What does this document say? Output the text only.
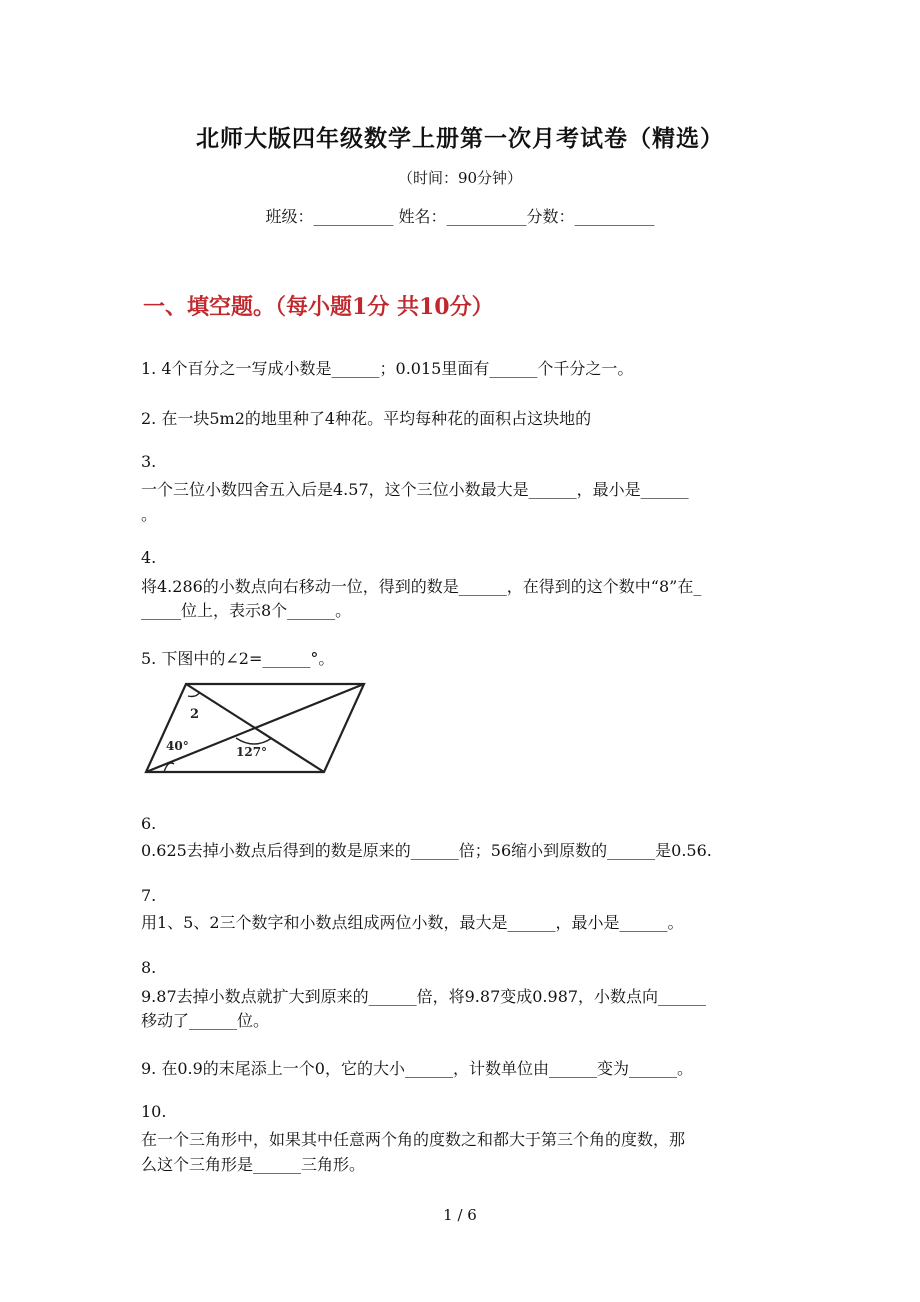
北师大版四年级数学上册第一次月考试卷（精选）
（时间：90分钟）
班级：__________ 姓名：__________分数：__________
一、填空题。（每小题1分 共10分）
1. 4个百分之一写成小数是______；0.015里面有______个千分之一。
2. 在一块5m2的地里种了4种花。平均每种花的面积占这块地的
3.
一个三位小数四舍五入后是4.57，这个三位小数最大是______，最小是______
。
4.
将4.286的小数点向右移动一位，得到的数是______，在得到的这个数中“8”在_
_____位上，表示8个______。
5. 下图中的∠2=______°。
2
40°	127°
6.
0.625去掉小数点后得到的数是原来的______倍；56缩小到原数的______是0.56.
7.
用1、5、2三个数字和小数点组成两位小数，最大是______，最小是______。
8.
9.87去掉小数点就扩大到原来的______倍，将9.87变成0.987，小数点向______
移动了______位。
9. 在0.9的末尾添上一个0，它的大小______，计数单位由______变为______。
10.
在一个三角形中，如果其中任意两个角的度数之和都大于第三个角的度数，那
么这个三角形是______三角形。
1 / 6
